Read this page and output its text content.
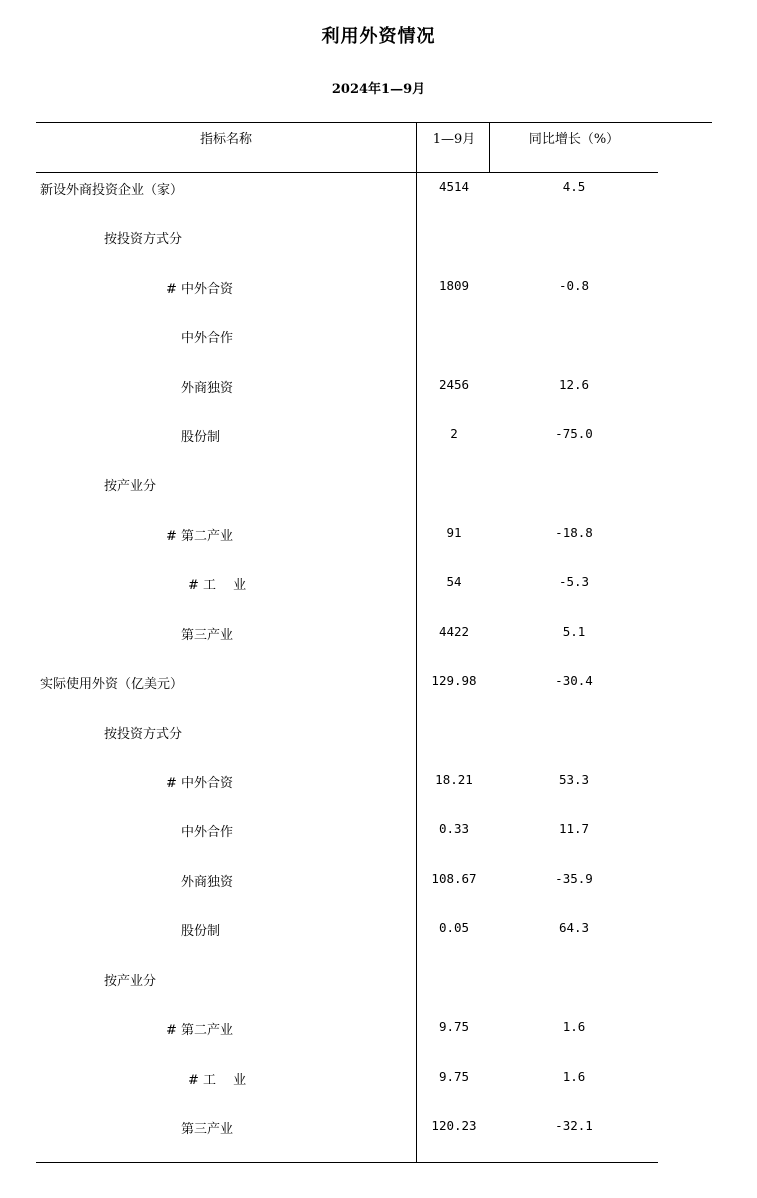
利用外资情况
2024年1—9月
指标名称	1—9月	同比增长（%）
新设外商投资企业（家）	4514	4.5
按投资方式分
# 中外合资	1809	-0.8
中外合作
外商独资	2456	12.6
股份制	2	-75.0
按产业分
# 第二产业	91	-18.8
# 工　 业	54	-5.3
第三产业	4422	5.1
实际使用外资（亿美元）	129.98	-30.4
按投资方式分
# 中外合资	18.21	53.3
中外合作	0.33	11.7
外商独资	108.67	-35.9
股份制	0.05	64.3
按产业分
# 第二产业	9.75	1.6
# 工　 业	9.75	1.6
第三产业	120.23	-32.1
